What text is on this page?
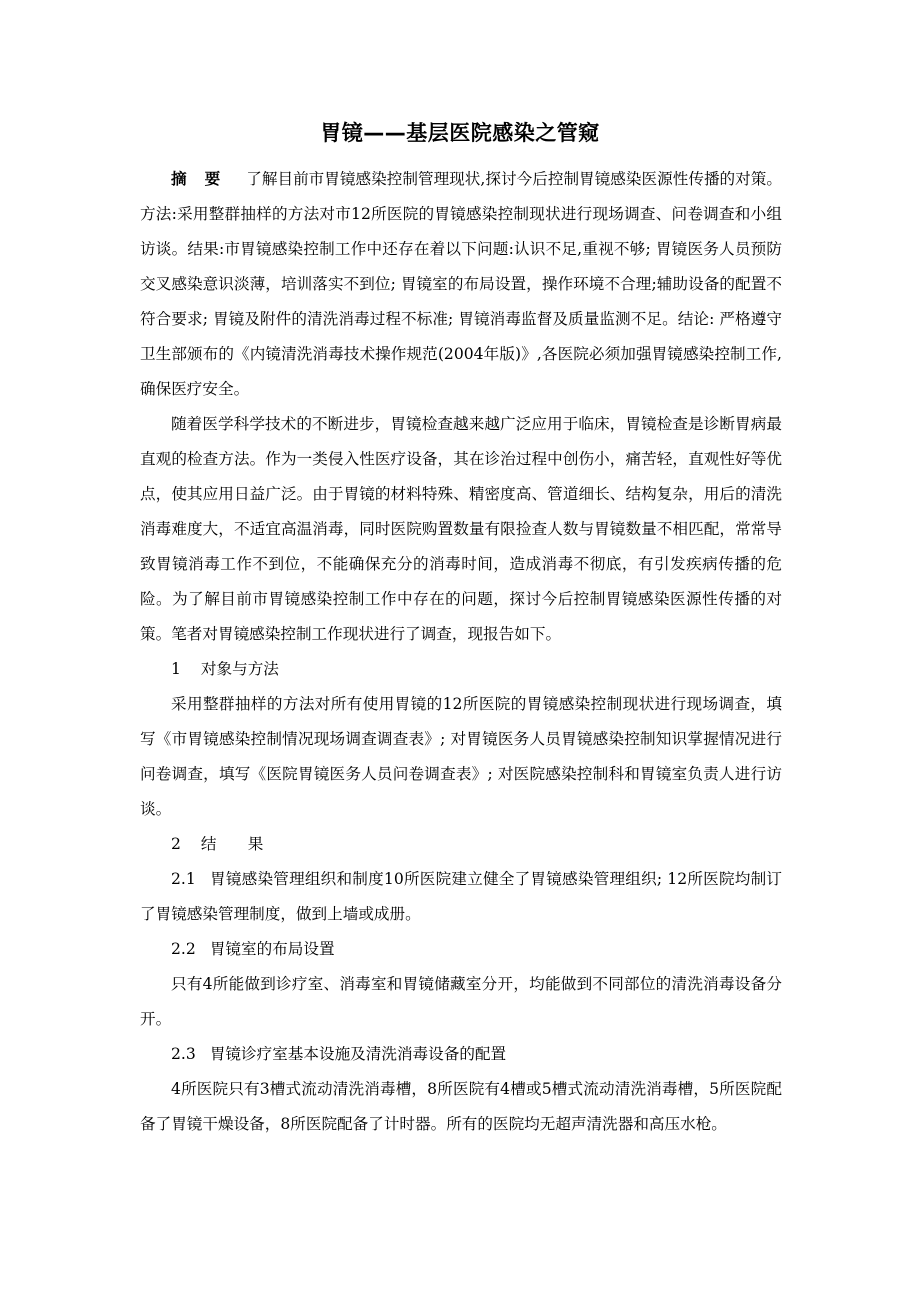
胃镜——基层医院感染之管窥

摘要 了解目前市胃镜感染控制管理现状,探讨今后控制胃镜感染医源性传播的对策。方法:采用整群抽样的方法对市12所医院的胃镜感染控制现状进行现场调查、问卷调查和小组访谈。结果:市胃镜感染控制工作中还存在着以下问题:认识不足,重视不够; 胃镜医务人员预防交叉感染意识淡薄，培训落实不到位; 胃镜室的布局设置，操作环境不合理;辅助设备的配置不符合要求; 胃镜及附件的清洗消毒过程不标准; 胃镜消毒监督及质量监测不足。结论: 严格遵守卫生部颁布的《内镜清洗消毒技术操作规范(2004年版)》,各医院必须加强胃镜感染控制工作,确保医疗安全。

随着医学科学技术的不断进步，胃镜检查越来越广泛应用于临床，胃镜检查是诊断胃病最直观的检查方法。作为一类侵入性医疗设备，其在诊治过程中创伤小，痛苦轻，直观性好等优点，使其应用日益广泛。由于胃镜的材料特殊、精密度高、管道细长、结构复杂，用后的清洗消毒难度大，不适宜高温消毒，同时医院购置数量有限捡查人数与胃镜数量不相匹配，常常导致胃镜消毒工作不到位，不能确保充分的消毒时间，造成消毒不彻底，有引发疾病传播的危险。为了解目前市胃镜感染控制工作中存在的问题，探讨今后控制胃镜感染医源性传播的对策。笔者对胃镜感染控制工作现状进行了调查，现报告如下。

1 对象与方法

采用整群抽样的方法对所有使用胃镜的12所医院的胃镜感染控制现状进行现场调查，填写《市胃镜感染控制情况现场调查调查表》; 对胃镜医务人员胃镜感染控制知识掌握情况进行问卷调查，填写《医院胃镜医务人员问卷调查表》; 对医院感染控制科和胃镜室负责人进行访谈。

2 结　　果

2.1 胃镜感染管理组织和制度10所医院建立健全了胃镜感染管理组织; 12所医院均制订了胃镜感染管理制度，做到上墙或成册。

2.2 胃镜室的布局设置

只有4所能做到诊疗室、消毒室和胃镜储藏室分开，均能做到不同部位的清洗消毒设备分开。

2.3 胃镜诊疗室基本设施及清洗消毒设备的配置

4所医院只有3槽式流动清洗消毒槽，8所医院有4槽或5槽式流动清洗消毒槽，5所医院配备了胃镜干燥设备，8所医院配备了计时器。所有的医院均无超声清洗器和高压水枪。
